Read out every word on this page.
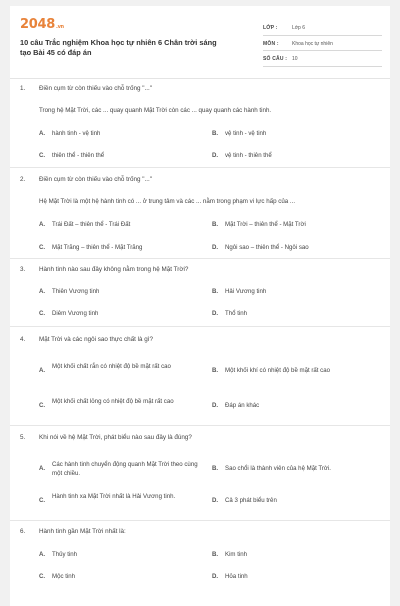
2048.vn
10 câu Trắc nghiệm Khoa học tự nhiên 6 Chân trời sáng tạo Bài 45 có đáp án
LỚP :	Lớp 6
MÔN :	Khoa học tự nhiên
SỐ CÂU : 10
1. Điền cụm từ còn thiếu vào chỗ trống "..."
Trong hệ Mặt Trời, các ... quay quanh Mặt Trời còn các ... quay quanh các hành tinh.
A. hành tinh - vệ tinh	B. vệ tinh - vệ tinh
C. thiên thể - thiên thể	D. vệ tinh - thiên thể
2. Điền cụm từ còn thiếu vào chỗ trống "..."
Hệ Mặt Trời là một hệ hành tinh có ... ở trung tâm và các ... nằm trong phạm vi lực hấp của ...
A. Trái Đất – thiên thể - Trái Đất	B. Mặt Trời – thiên thể - Mặt Trời
C. Mặt Trăng – thiên thể - Mặt Trăng	D. Ngôi sao – thiên thể - Ngôi sao
3. Hành tinh nào sau đây không nằm trong hệ Mặt Trời?
A. Thiên Vương tinh	B. Hải Vương tinh
C. Diêm Vương tinh	D. Thổ tinh
4. Mặt Trời và các ngôi sao thực chất là gì?
A.
Một khối chất rắn có nhiệt độ bề mặt rất cao
B. Một khối khí có nhiệt độ bề mặt rất cao
C.
Một khối chất lỏng có nhiệt độ bề mặt rất cao
D. Đáp án khác
5. Khi nói về hệ Mặt Trời, phát biểu nào sau đây là đúng?
A.
Các hành tinh chuyển động quanh Mặt Trời theo cùng một chiều.
B. Sao chổi là thành viên của hệ Mặt Trời.
C.
Hành tinh xa Mặt Trời nhất là Hải Vương tinh.
D. Cả 3 phát biểu trên
6. Hành tinh gần Mặt Trời nhất là:
A. Thủy tinh	B. Kim tinh
C. Mộc tinh	D. Hỏa tinh
